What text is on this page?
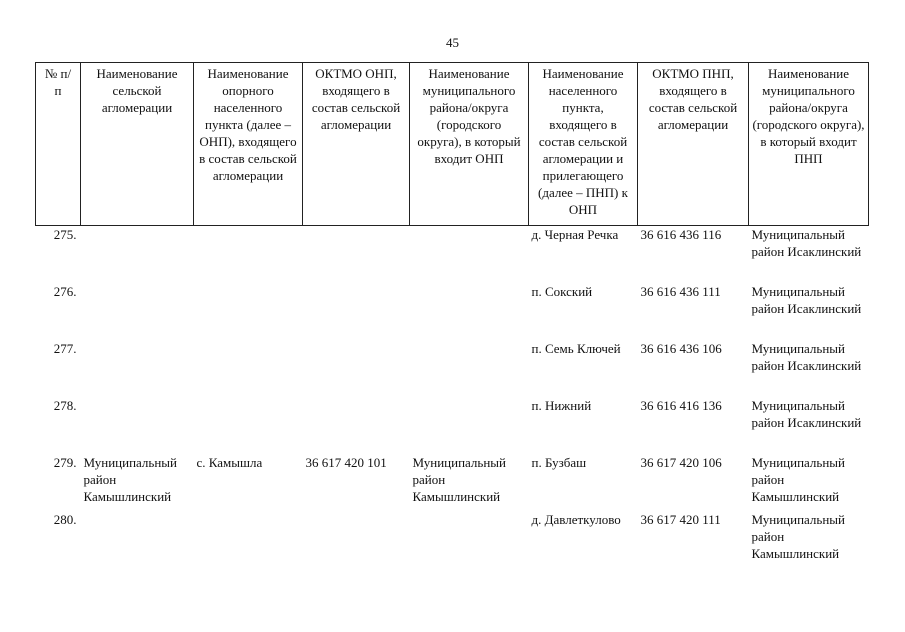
45
№ п/п	Наименование сельской агломерации	Наименование опорного населенного пункта (далее – ОНП), входящего в состав сельской агломерации	ОКТМО ОНП, входящего в состав сельской агломерации	Наименование муниципального района/округа (городского округа), в который входит ОНП	Наименование населенного пункта, входящего в состав сельской агломерации и прилегающего (далее – ПНП) к ОНП	ОКТМО ПНП, входящего в состав сельской агломерации	Наименование муниципального района/округа (городского округа), в который входит ПНП
275.					д. Черная Речка	36 616 436 116	Муниципальный район Исаклинский
276.					п. Сокский	36 616 436 111	Муниципальный район Исаклинский
277.					п. Семь Ключей	36 616 436 106	Муниципальный район Исаклинский
278.					п. Нижний	36 616 416 136	Муниципальный район Исаклинский
279.	Муниципальный район Камышлинский	с. Камышла	36 617 420 101	Муниципальный район Камышлинский	п. Бузбаш	36 617 420 106	Муниципальный район Камышлинский
280.					д. Давлеткулово	36 617 420 111	Муниципальный район Камышлинский
